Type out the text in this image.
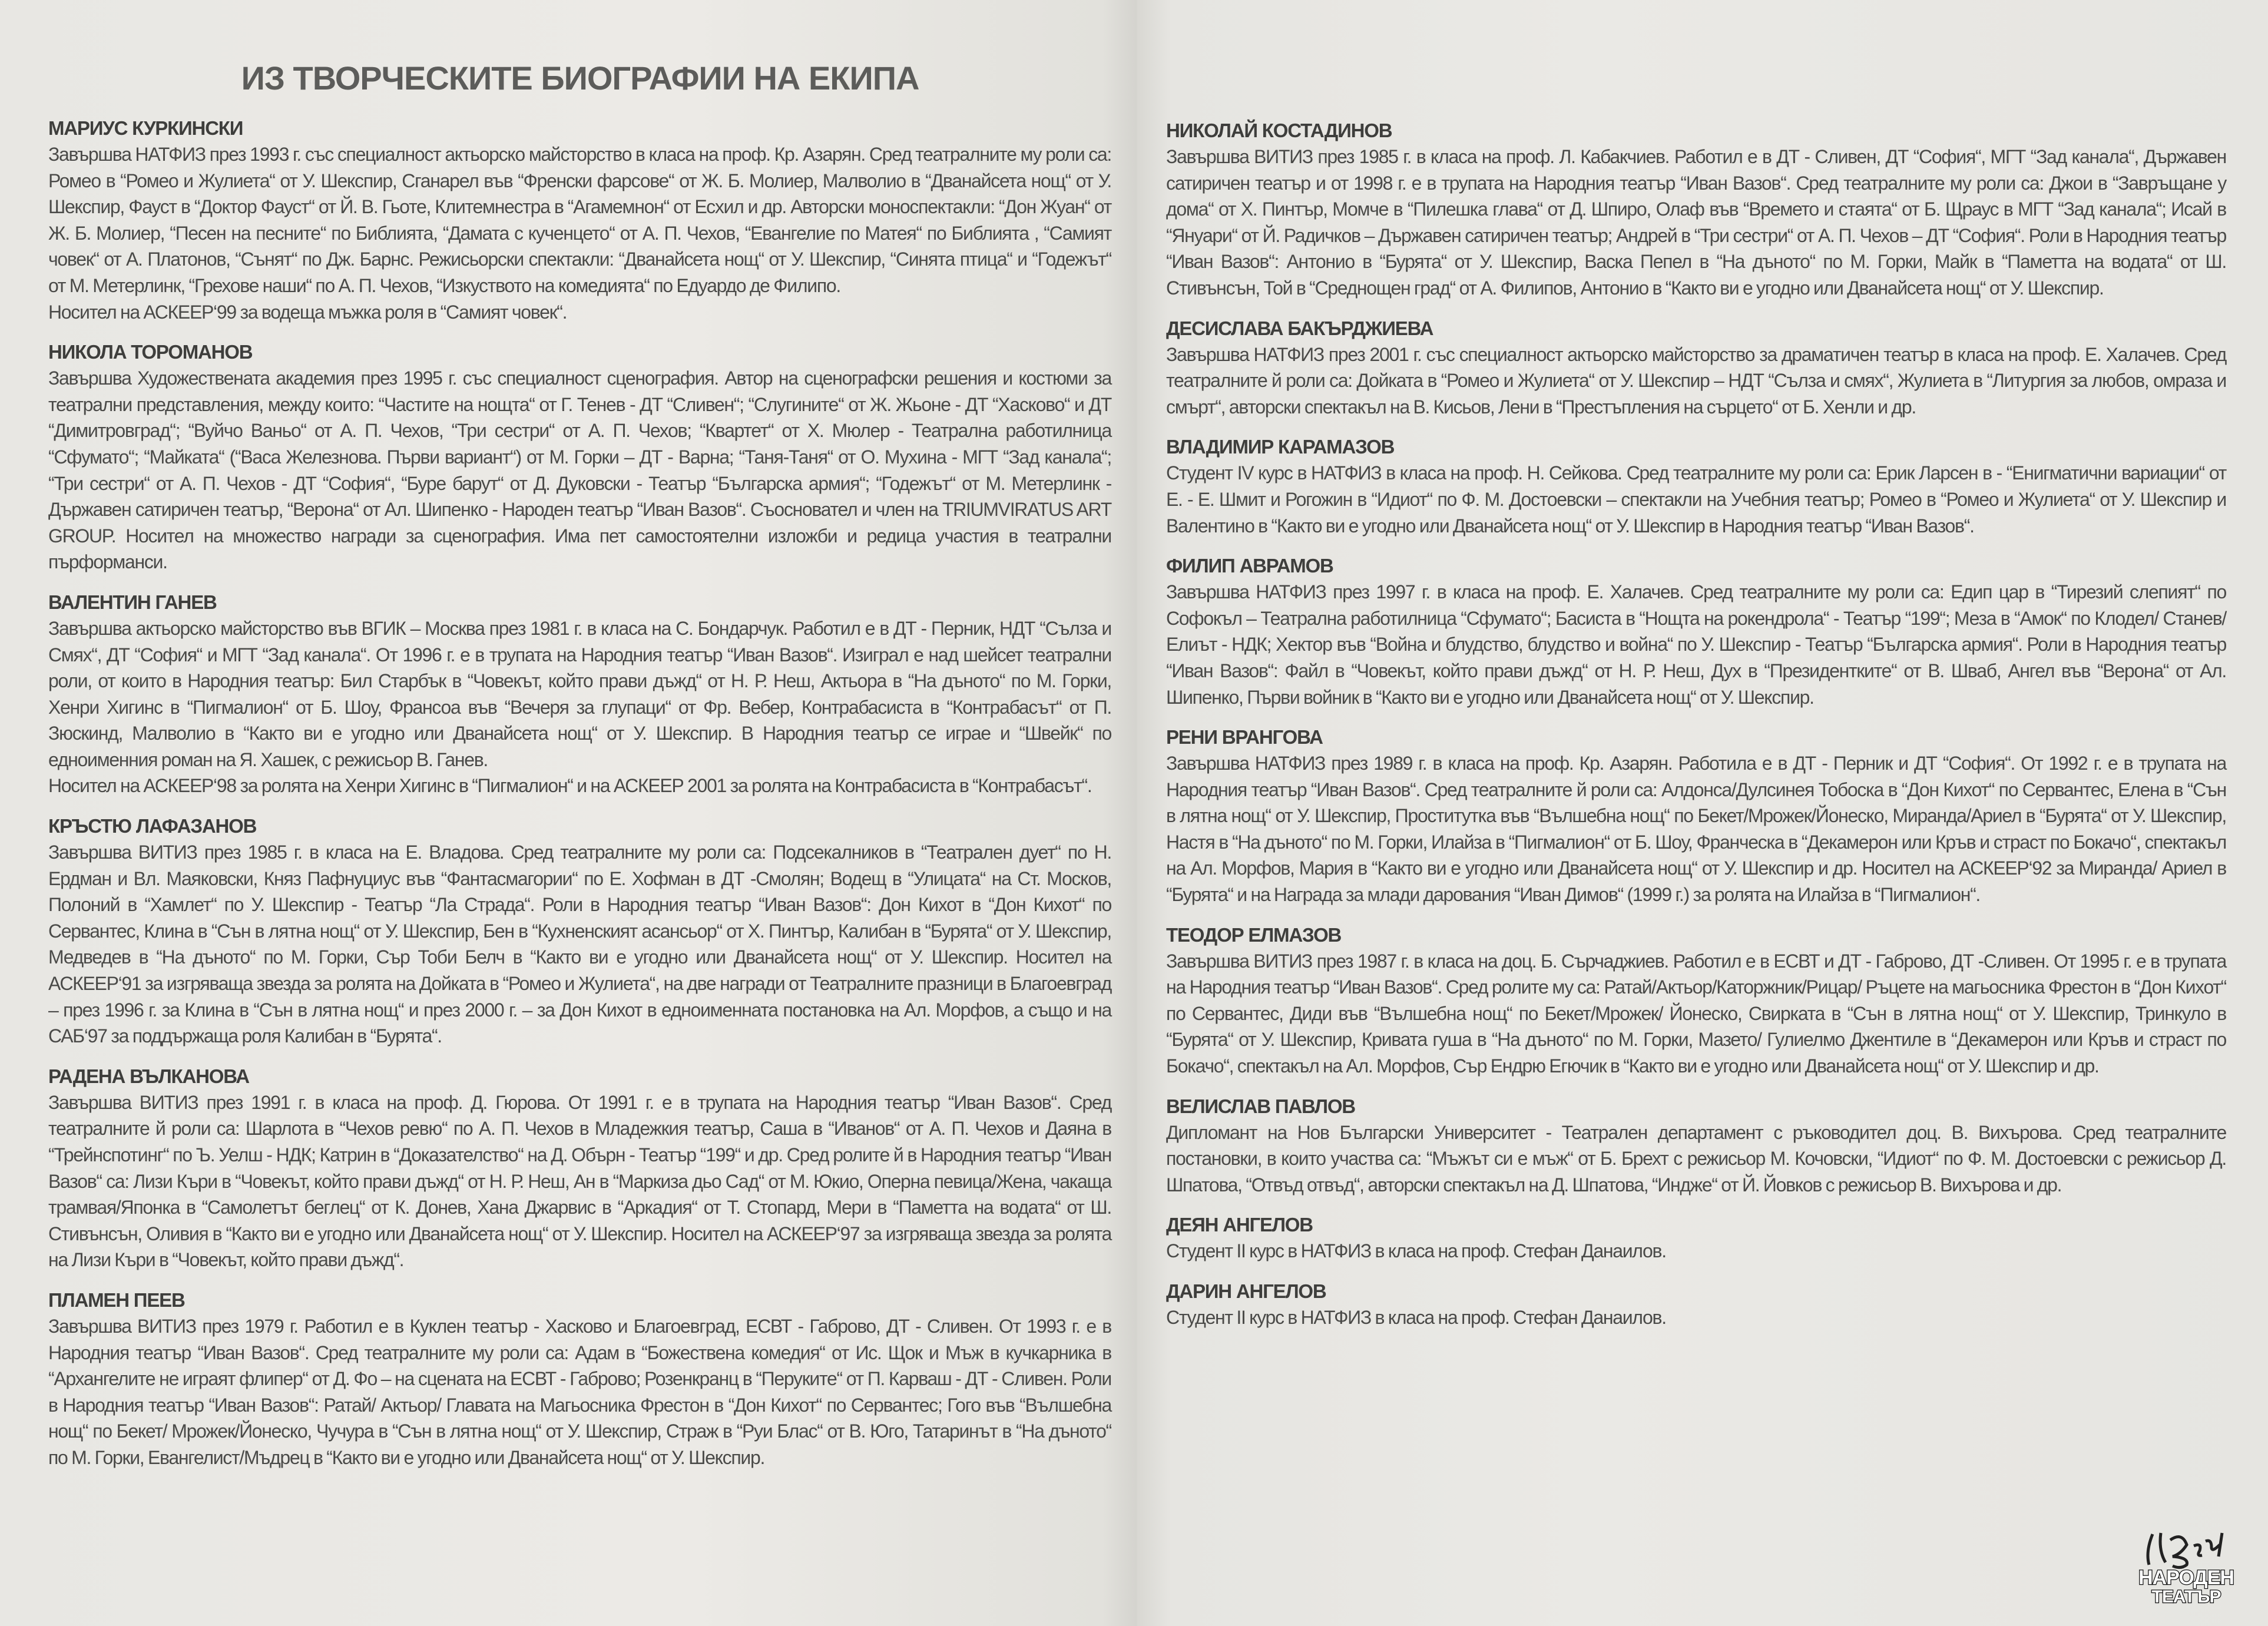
ИЗ ТВОРЧЕСКИТЕ БИОГРАФИИ НА ЕКИПА
МАРИУС КУРКИНСКИ

Завършва НАТФИЗ през 1993 г. със специалност актьорско майсторство в класа на проф. Кр. Азарян. Сред театралните му роли са: Ромео в “Ромео и Жулиета“ от У. Шекспир, Сганарел във “Френски фарсове“ от Ж. Б. Молиер, Малволио в “Дванайсета нощ“ от У. Шекспир, Фауст в “Доктор Фауст“ от Й. В. Гьоте, Клитемнестра в “Агамемнон“ от Есхил и др. Авторски моноспектакли: “Дон Жуан“ от Ж. Б. Молиер, “Песен на песните“ по Библията, “Дамата с кученцето“ от А. П. Чехов, “Евангелие по Матея“ по Библията , “Самият човек“ от А. Платонов, “Сънят“ по Дж. Барнс. Режисьорски спектакли: “Дванайсета нощ“ от У. Шекспир, “Синята птица“ и “Годежът“ от М. Метерлинк, “Грехове наши“ по А. П. Чехов, “Изкуството на комедията“ по Едуардо де Филипо.

Носител на АСКЕЕР‘99 за водеща мъжка роля в “Самият човек“.

НИКОЛА ТОРОМАНОВ

Завършва Художествената академия през 1995 г. със специалност сценография. Автор на сценографски решения и костюми за театрални представления, между които: “Частите на нощта“ от Г. Тенев - ДТ “Сливен“; “Слугините“ от Ж. Жьоне - ДТ “Хасково“ и ДТ “Димитровград“; “Вуйчо Ваньо“ от А. П. Чехов, “Три сестри“ от А. П. Чехов; “Квартет“ от Х. Мюлер - Театрална работилница “Сфумато“; “Майката“ (“Васа Железнова. Първи вариант“) от М. Горки – ДТ - Варна; “Таня-Таня“ от О. Мухина - МГТ “Зад канала“; “Три сестри“ от А. П. Чехов - ДТ “София“, “Буре барут“ от Д. Дуковски - Театър “Българска армия“; “Годежът“ от М. Метерлинк - Държавен сатиричен театър, “Верона“ от Ал. Шипенко - Народен театър “Иван Вазов“. Съосновател и член на TRIUMVIRATUS ART GROUP. Носител на множество награди за сценография. Има пет самостоятелни изложби и редица участия в театрални пърформанси.

ВАЛЕНТИН ГАНЕВ

Завършва актьорско майсторство във ВГИК – Москва през 1981 г. в класа на С. Бондарчук. Работил е в ДТ - Перник, НДТ “Сълза и Смях“, ДТ “София“ и МГТ “Зад канала“. От 1996 г. е в трупата на Народния театър “Иван Вазов“. Изиграл е над шейсет театрални роли, от които в Народния театър: Бил Старбък в “Човекът, който прави дъжд“ от Н. Р. Неш, Актьора в “На дъното“ по М. Горки, Хенри Хигинс в “Пигмалион“ от Б. Шоу, Франсоа във “Вечеря за глупаци“ от Фр. Вебер, Контрабасиста в “Контрабасът“ от П. Зюскинд, Малволио в “Както ви е угодно или Дванайсета нощ“ от У. Шекспир. В Народния театър се играе и “Швейк“ по едноименния роман на Я. Хашек, с режисьор В. Ганев.

Носител на АСКЕЕР‘98 за ролята на Хенри Хигинс в “Пигмалион“ и на АСКЕЕР 2001 за ролята на Контрабасиста в “Контрабасът“.

КРЪСТЮ ЛАФАЗАНОВ

Завършва ВИТИЗ през 1985 г. в класа на Е. Владова. Сред театралните му роли са: Подсекалников в “Театрален дует“ по Н. Ердман и Вл. Маяковски, Княз Пафнуциус във “Фантасмагории“ по Е. Хофман в ДТ -Смолян; Водещ в “Улицата“ на Ст. Москов, Полоний в “Хамлет“ по У. Шекспир - Театър “Ла Страда“. Роли в Народния театър “Иван Вазов“: Дон Кихот в “Дон Кихот“ по Сервантес, Клина в “Сън в лятна нощ“ от У. Шекспир, Бен в “Кухненският асансьор“ от Х. Пинтър, Калибан в “Бурята“ от У. Шекспир, Медведев в “На дъното“ по М. Горки, Сър Тоби Белч в “Както ви е угодно или Дванайсета нощ“ от У. Шекспир. Носител на АСКЕЕР‘91 за изгряваща звезда за ролята на Дойката в “Ромео и Жулиета“, на две награди от Театралните празници в Благоевград – през 1996 г. за Клина в “Сън в лятна нощ“ и през 2000 г. – за Дон Кихот в едноименната постановка на Ал. Морфов, а също и на САБ‘97 за поддържаща роля Калибан в “Бурята“.

РАДЕНА ВЪЛКАНОВА

Завършва ВИТИЗ през 1991 г. в класа на проф. Д. Гюрова. От 1991 г. е в трупата на Народния театър “Иван Вазов“. Сред театралните й роли са: Шарлота в “Чехов ревю“ по А. П. Чехов в Младежкия театър, Саша в “Иванов“ от А. П. Чехов и Даяна в “Трейнспотинг“ по Ъ. Уелш - НДК; Катрин в “Доказателство“ на Д. Обърн - Театър “199“ и др. Сред ролите й в Народния театър “Иван Вазов“ са: Лизи Къри в “Човекът, който прави дъжд“ от Н. Р. Неш, Ан в “Маркиза дьо Сад“ от М. Юкио, Оперна певица/Жена, чакаща трамвая/Японка в “Самолетът беглец“ от К. Донев, Хана Джарвис в “Аркадия“ от Т. Стопард, Мери в “Паметта на водата“ от Ш. Стивънсън, Оливия в “Както ви е угодно или Дванайсета нощ“ от У. Шекспир. Носител на АСКЕЕР‘97 за изгряваща звезда за ролята на Лизи Къри в “Човекът, който прави дъжд“.

ПЛАМЕН ПЕЕВ

Завършва ВИТИЗ през 1979 г. Работил е в Куклен театър - Хасково и Благоевград, ЕСВТ - Габрово, ДТ - Сливен. От 1993 г. е в Народния театър “Иван Вазов“. Сред театралните му роли са: Адам в “Божествена комедия“ от Ис. Щок и Мъж в кучкарника в “Архангелите не играят флипер“ от Д. Фо – на сцената на ЕСВТ - Габрово; Розенкранц в “Перуките“ от П. Карваш - ДТ - Сливен. Роли в Народния театър “Иван Вазов“: Ратай/ Актьор/ Главата на Магьосника Фрестон в “Дон Кихот“ по Сервантес; Гого във “Вълшебна нощ“ по Бекет/ Мрожек/Йонеско, Чучура в “Сън в лятна нощ“ от У. Шекспир, Страж в “Руи Блас“ от В. Юго, Татаринът в “На дъното“ по М. Горки, Евангелист/Мъдрец в “Както ви е угодно или Дванайсета нощ“ от У. Шекспир.

НИКОЛАЙ КОСТАДИНОВ

Завършва ВИТИЗ през 1985 г. в класа на проф. Л. Кабакчиев. Работил е в ДТ - Сливен, ДТ “София“, МГТ “Зад канала“, Държавен сатиричен театър и от 1998 г. е в трупата на Народния театър “Иван Вазов“. Сред театралните му роли са: Джои в “Завръщане у дома“ от Х. Пинтър, Момче в “Пилешка глава“ от Д. Шпиро, Олаф във “Времето и стаята“ от Б. Щраус в МГТ “Зад канала“; Исай в “Януари“ от Й. Радичков – Държавен сатиричен театър; Андрей в “Три сестри“ от А. П. Чехов – ДТ “София“. Роли в Народния театър “Иван Вазов“: Антонио в “Бурята“ от У. Шекспир, Васка Пепел в “На дъното“ по М. Горки, Майк в “Паметта на водата“ от Ш. Стивънсън, Той в “Среднощен град“ от А. Филипов, Антонио в “Както ви е угодно или Дванайсета нощ“ от У. Шекспир.

ДЕСИСЛАВА БАКЪРДЖИЕВА

Завършва НАТФИЗ през 2001 г. със специалност актьорско майсторство за драматичен театър в класа на проф. Е. Халачев. Сред театралните й роли са: Дойката в “Ромео и Жулиета“ от У. Шекспир – НДТ “Сълза и смях“, Жулиета в “Литургия за любов, омраза и смърт“, авторски спектакъл на В. Кисьов, Лени в “Престъпления на сърцето“ от Б. Хенли и др.

ВЛАДИМИР КАРАМАЗОВ

Студент IV курс в НАТФИЗ в класа на проф. Н. Сейкова. Сред театралните му роли са: Ерик Ларсен в - “Енигматични вариации“ от Е. - Е. Шмит и Рогожин в “Идиот“ по Ф. М. Достоевски – спектакли на Учебния театър; Ромео в “Ромео и Жулиета“ от У. Шекспир и Валентино в “Както ви е угодно или Дванайсета нощ“ от У. Шекспир в Народния театър “Иван Вазов“.

ФИЛИП АВРАМОВ

Завършва НАТФИЗ през 1997 г. в класа на проф. Е. Халачев. Сред театралните му роли са: Едип цар в “Тирезий слепият“ по Софокъл – Театрална работилница “Сфумато“; Басиста в “Нощта на рокендрола“ - Театър “199“; Меза в “Амок“ по Клодел/ Станев/ Елиът - НДК; Хектор във “Война и блудство, блудство и война“ по У. Шекспир - Театър “Българска армия“. Роли в Народния театър “Иван Вазов“: Файл в “Човекът, който прави дъжд“ от Н. Р. Неш, Дух в “Президентките“ от В. Шваб, Ангел във “Верона“ от Ал. Шипенко, Първи войник в “Както ви е угодно или Дванайсета нощ“ от У. Шекспир.

РЕНИ ВРАНГОВА

Завършва НАТФИЗ през 1989 г. в класа на проф. Кр. Азарян. Работила е в ДТ - Перник и ДТ “София“. От 1992 г. е в трупата на Народния театър “Иван Вазов“. Сред театралните й роли са: Алдонса/Дулсинея Тобоска в “Дон Кихот“ по Сервантес, Елена в “Сън в лятна нощ“ от У. Шекспир, Проститутка във “Вълшебна нощ“ по Бекет/Мрожек/Йонеско, Миранда/Ариел в “Бурята“ от У. Шекспир, Настя в “На дъното“ по М. Горки, Илайза в “Пигмалион“ от Б. Шоу, Франческа в “Декамерон или Кръв и страст по Бокачо“, спектакъл на Ал. Морфов, Мария в “Както ви е угодно или Дванайсета нощ“ от У. Шекспир и др. Носител на АСКЕЕР‘92 за Миранда/ Ариел в “Бурята“ и на Награда за млади дарования “Иван Димов“ (1999 г.) за ролята на Илайза в “Пигмалион“.

ТЕОДОР ЕЛМАЗОВ

Завършва ВИТИЗ през 1987 г. в класа на доц. Б. Сърчаджиев. Работил е в ЕСВТ и ДТ - Габрово, ДТ -Сливен. От 1995 г. е в трупата на Народния театър “Иван Вазов“. Сред ролите му са: Ратай/Актьор/Каторжник/Рицар/ Ръцете на магьосника Фрестон в “Дон Кихот“ по Сервантес, Диди във “Вълшебна нощ“ по Бекет/Мрожек/ Йонеско, Свирката в “Сън в лятна нощ“ от У. Шекспир, Тринкуло в “Бурята“ от У. Шекспир, Кривата гуша в “На дъното“ по М. Горки, Мазето/ Гулиелмо Джентиле в “Декамерон или Кръв и страст по Бокачо“, спектакъл на Ал. Морфов, Сър Ендрю Егючик в “Както ви е угодно или Дванайсета нощ“ от У. Шекспир и др.

ВЕЛИСЛАВ ПАВЛОВ

Дипломант на Нов Български Университет - Театрален департамент с ръководител доц. В. Вихърова. Сред театралните постановки, в които участва са: “Мъжът си е мъж“ от Б. Брехт с режисьор М. Кочовски, “Идиот“ по Ф. М. Достоевски с режисьор Д. Шпатова, “Отвъд отвъд“, авторски спектакъл на Д. Шпатова, “Индже“ от Й. Йовков с режисьор В. Вихърова и др.

ДЕЯН АНГЕЛОВ

Студент II курс в НАТФИЗ в класа на проф. Стефан Данаилов.

ДАРИН АНГЕЛОВ

Студент II курс в НАТФИЗ в класа на проф. Стефан Данаилов.

НАРОДЕН
ТЕАТЪР
